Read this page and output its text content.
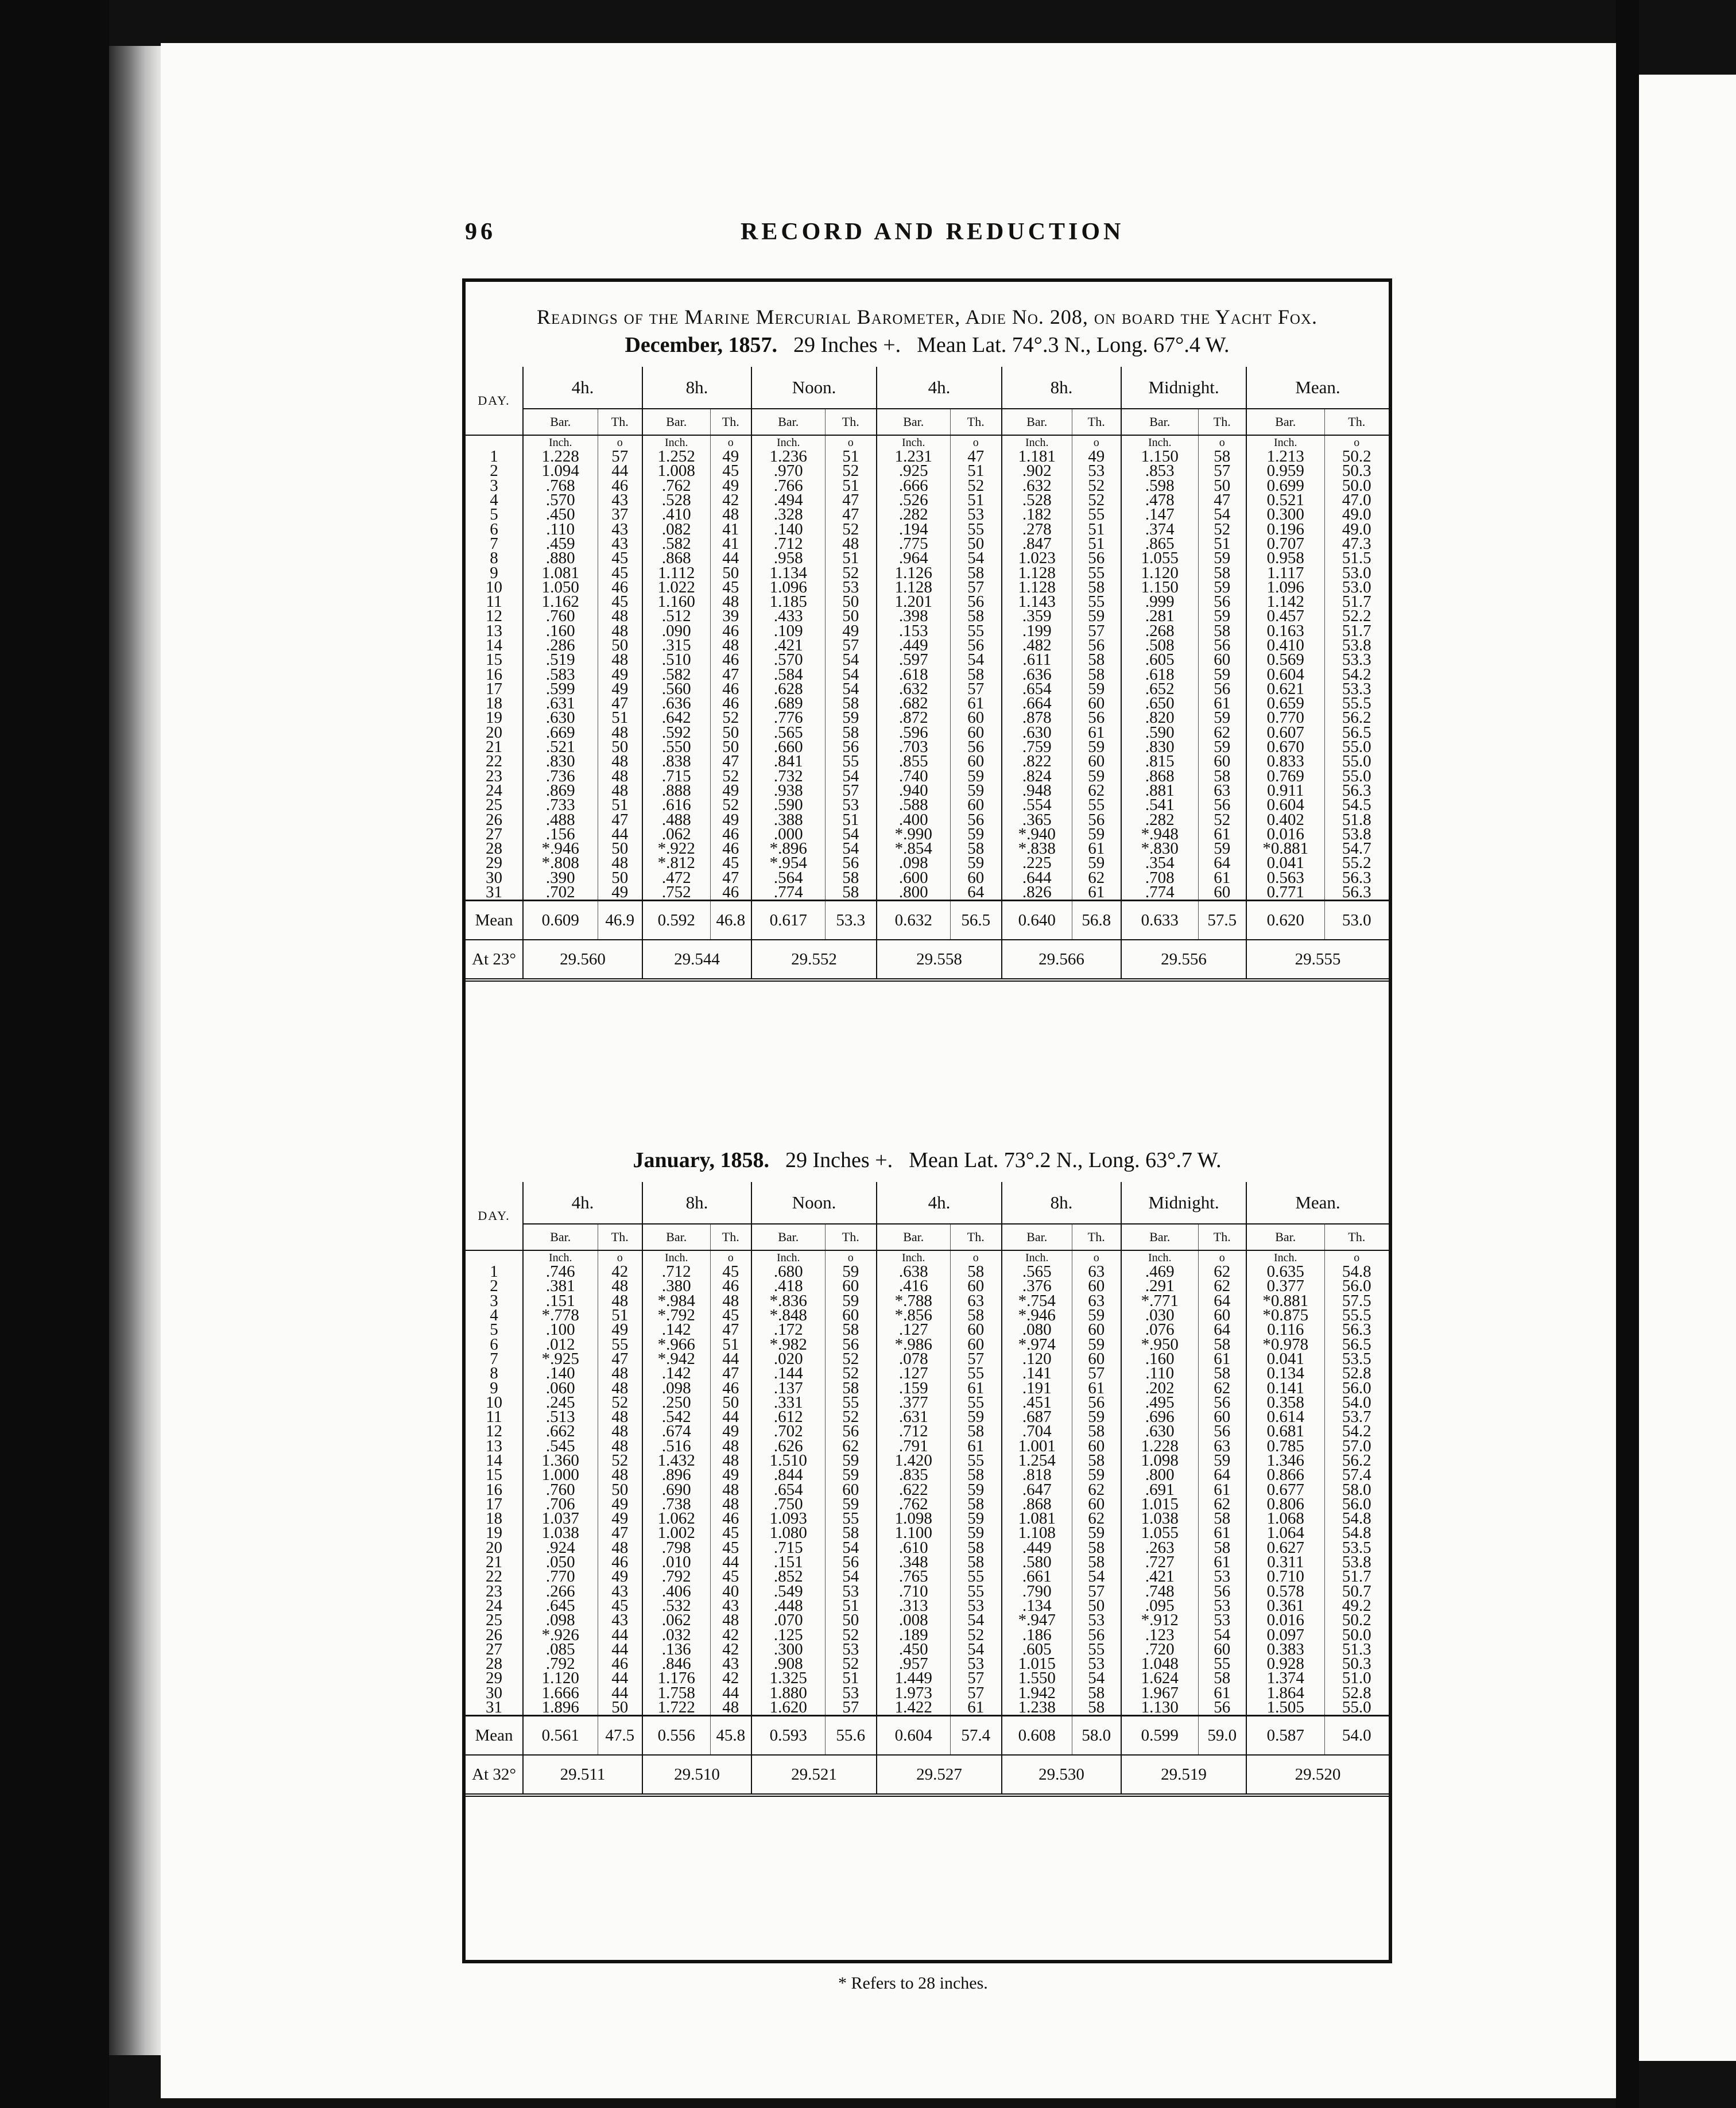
96	RECORD AND REDUCTION
Readings of the Marine Mercurial Barometer, Adie No. 208, on board the Yacht Fox.
December, 1857. 29 Inches +. Mean Lat. 74°.3 N., Long. 67°.4 W.
DAY.	4h.		8h.		Noon.		4h.		8h.		Midnight.		Mean.	
	Bar.	Th.	Bar.	Th.	Bar.	Th.	Bar.	Th.	Bar.	Th.	Bar.	Th.	Bar.	Th.
	Inch.	o	Inch.	o	Inch.	o	Inch.	o	Inch.	o	Inch.	o	Inch.	o
1	1.228	57	1.252	49	1.236	51	1.231	47	1.181	49	1.150	58	1.213	50.2
2	1.094	44	1.008	45	.970	52	.925	51	.902	53	.853	57	0.959	50.3
3	.768	46	.762	49	.766	51	.666	52	.632	52	.598	50	0.699	50.0
4	.570	43	.528	42	.494	47	.526	51	.528	52	.478	47	0.521	47.0
5	.450	37	.410	48	.328	47	.282	53	.182	55	.147	54	0.300	49.0
6	.110	43	.082	41	.140	52	.194	55	.278	51	.374	52	0.196	49.0
7	.459	43	.582	41	.712	48	.775	50	.847	51	.865	51	0.707	47.3
8	.880	45	.868	44	.958	51	.964	54	1.023	56	1.055	59	0.958	51.5
9	1.081	45	1.112	50	1.134	52	1.126	58	1.128	55	1.120	58	1.117	53.0
10	1.050	46	1.022	45	1.096	53	1.128	57	1.128	58	1.150	59	1.096	53.0
11	1.162	45	1.160	48	1.185	50	1.201	56	1.143	55	.999	56	1.142	51.7
12	.760	48	.512	39	.433	50	.398	58	.359	59	.281	59	0.457	52.2
13	.160	48	.090	46	.109	49	.153	55	.199	57	.268	58	0.163	51.7
14	.286	50	.315	48	.421	57	.449	56	.482	56	.508	56	0.410	53.8
15	.519	48	.510	46	.570	54	.597	54	.611	58	.605	60	0.569	53.3
16	.583	49	.582	47	.584	54	.618	58	.636	58	.618	59	0.604	54.2
17	.599	49	.560	46	.628	54	.632	57	.654	59	.652	56	0.621	53.3
18	.631	47	.636	46	.689	58	.682	61	.664	60	.650	61	0.659	55.5
19	.630	51	.642	52	.776	59	.872	60	.878	56	.820	59	0.770	56.2
20	.669	48	.592	50	.565	58	.596	60	.630	61	.590	62	0.607	56.5
21	.521	50	.550	50	.660	56	.703	56	.759	59	.830	59	0.670	55.0
22	.830	48	.838	47	.841	55	.855	60	.822	60	.815	60	0.833	55.0
23	.736	48	.715	52	.732	54	.740	59	.824	59	.868	58	0.769	55.0
24	.869	48	.888	49	.938	57	.940	59	.948	62	.881	63	0.911	56.3
25	.733	51	.616	52	.590	53	.588	60	.554	55	.541	56	0.604	54.5
26	.488	47	.488	49	.388	51	.400	56	.365	56	.282	52	0.402	51.8
27	.156	44	.062	46	.000	54	*.990	59	*.940	59	*.948	61	0.016	53.8
28	*.946	50	*.922	46	*.896	54	*.854	58	*.838	61	*.830	59	*0.881	54.7
29	*.808	48	*.812	45	*.954	56	.098	59	.225	59	.354	64	0.041	55.2
30	.390	50	.472	47	.564	58	.600	60	.644	62	.708	61	0.563	56.3
31	.702	49	.752	46	.774	58	.800	64	.826	61	.774	60	0.771	56.3
Mean	0.609	46.9	0.592	46.8	0.617	53.3	0.632	56.5	0.640	56.8	0.633	57.5	0.620	53.0
At 23°	29.560		29.544		29.552		29.558		29.566		29.556		29.555	
January, 1858. 29 Inches +. Mean Lat. 73°.2 N., Long. 63°.7 W.
DAY.	4h.		8h.		Noon.		4h.		8h.		Midnight.		Mean.	
	Bar.	Th.	Bar.	Th.	Bar.	Th.	Bar.	Th.	Bar.	Th.	Bar.	Th.	Bar.	Th.
	Inch.	o	Inch.	o	Inch.	o	Inch.	o	Inch.	o	Inch.	o	Inch.	o
1	.746	42	.712	45	.680	59	.638	58	.565	63	.469	62	0.635	54.8
2	.381	48	.380	46	.418	60	.416	60	.376	60	.291	62	0.377	56.0
3	.151	48	*.984	48	*.836	59	*.788	63	*.754	63	*.771	64	*0.881	57.5
4	*.778	51	*.792	45	*.848	60	*.856	58	*.946	59	.030	60	*0.875	55.5
5	.100	49	.142	47	.172	58	.127	60	.080	60	.076	64	0.116	56.3
6	.012	55	*.966	51	*.982	56	*.986	60	*.974	59	*.950	58	*0.978	56.5
7	*.925	47	*.942	44	.020	52	.078	57	.120	60	.160	61	0.041	53.5
8	.140	48	.142	47	.144	52	.127	55	.141	57	.110	58	0.134	52.8
9	.060	48	.098	46	.137	58	.159	61	.191	61	.202	62	0.141	56.0
10	.245	52	.250	50	.331	55	.377	55	.451	56	.495	56	0.358	54.0
11	.513	48	.542	44	.612	52	.631	59	.687	59	.696	60	0.614	53.7
12	.662	48	.674	49	.702	56	.712	58	.704	58	.630	56	0.681	54.2
13	.545	48	.516	48	.626	62	.791	61	1.001	60	1.228	63	0.785	57.0
14	1.360	52	1.432	48	1.510	59	1.420	55	1.254	58	1.098	59	1.346	56.2
15	1.000	48	.896	49	.844	59	.835	58	.818	59	.800	64	0.866	57.4
16	.760	50	.690	48	.654	60	.622	59	.647	62	.691	61	0.677	58.0
17	.706	49	.738	48	.750	59	.762	58	.868	60	1.015	62	0.806	56.0
18	1.037	49	1.062	46	1.093	55	1.098	59	1.081	62	1.038	58	1.068	54.8
19	1.038	47	1.002	45	1.080	58	1.100	59	1.108	59	1.055	61	1.064	54.8
20	.924	48	.798	45	.715	54	.610	58	.449	58	.263	58	0.627	53.5
21	.050	46	.010	44	.151	56	.348	58	.580	58	.727	61	0.311	53.8
22	.770	49	.792	45	.852	54	.765	55	.661	54	.421	53	0.710	51.7
23	.266	43	.406	40	.549	53	.710	55	.790	57	.748	56	0.578	50.7
24	.645	45	.532	43	.448	51	.313	53	.134	50	.095	53	0.361	49.2
25	.098	43	.062	48	.070	50	.008	54	*.947	53	*.912	53	0.016	50.2
26	*.926	44	.032	42	.125	52	.189	52	.186	56	.123	54	0.097	50.0
27	.085	44	.136	42	.300	53	.450	54	.605	55	.720	60	0.383	51.3
28	.792	46	.846	43	.908	52	.957	53	1.015	53	1.048	55	0.928	50.3
29	1.120	44	1.176	42	1.325	51	1.449	57	1.550	54	1.624	58	1.374	51.0
30	1.666	44	1.758	44	1.880	53	1.973	57	1.942	58	1.967	61	1.864	52.8
31	1.896	50	1.722	48	1.620	57	1.422	61	1.238	58	1.130	56	1.505	55.0
Mean	0.561	47.5	0.556	45.8	0.593	55.6	0.604	57.4	0.608	58.0	0.599	59.0	0.587	54.0
At 32°	29.511		29.510		29.521		29.527		29.530		29.519		29.520	
* Refers to 28 inches.
